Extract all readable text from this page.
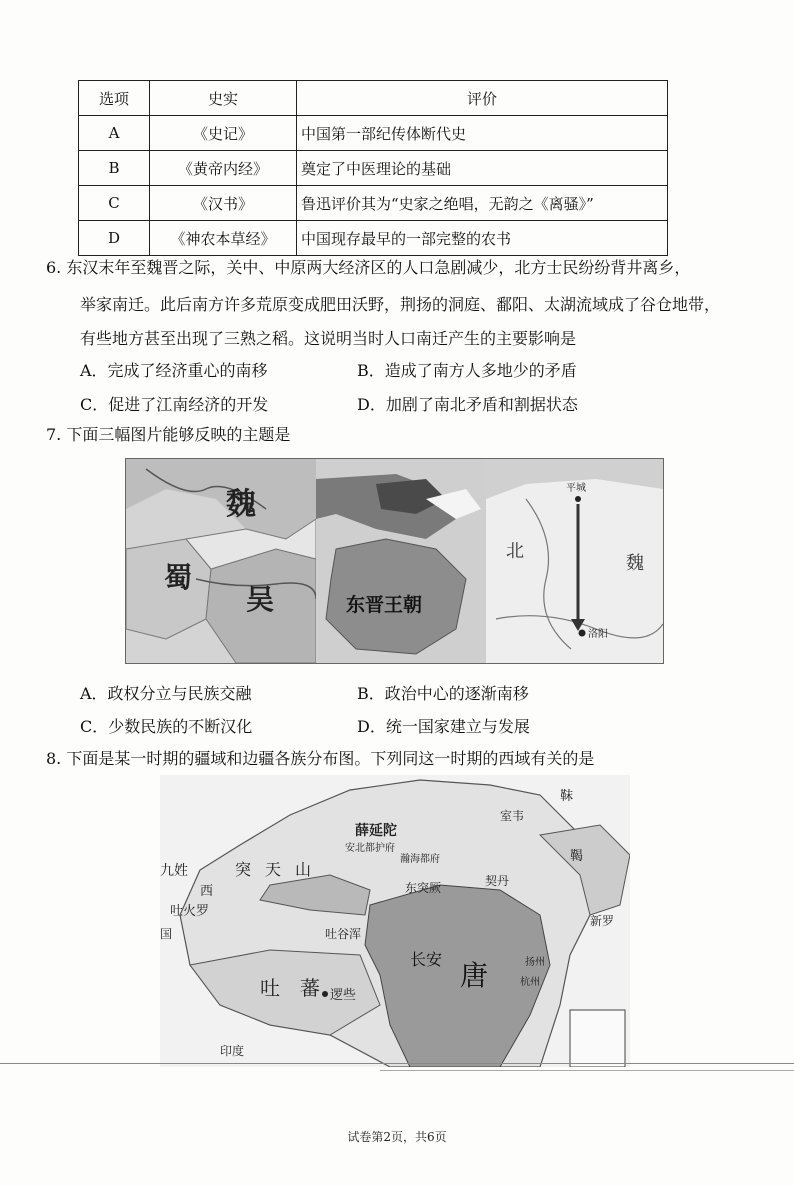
选项	史实	评价
A	《史记》	中国第一部纪传体断代史
B	《黄帝内经》	奠定了中医理论的基础
C	《汉书》	鲁迅评价其为“史家之绝唱，无韵之《离骚》”
D	《神农本草经》	中国现存最早的一部完整的农书
6. 东汉末年至魏晋之际，关中、中原两大经济区的人口急剧减少，北方士民纷纷背井离乡，
举家南迁。此后南方许多荒原变成肥田沃野，荆扬的洞庭、鄱阳、太湖流域成了谷仓地带，
有些地方甚至出现了三熟之稻。这说明当时人口南迁产生的主要影响是
A．完成了经济重心的南移	B．造成了南方人多地少的矛盾
C．促进了江南经济的开发	D．加剧了南北矛盾和割据状态
7. 下面三幅图片能够反映的主题是
魏
蜀
吴	东晋王朝
平城
洛阳
北
魏
A．政权分立与民族交融	B．政治中心的逐渐南移
C．少数民族的不断汉化	D．统一国家建立与发展
8. 下面是某一时期的疆域和边疆各族分布图。下列同这一时期的西域有关的是
薛延陀
安北都护府
瀚海都府
九姓
西
吐火罗
国
突 天 山
东突厥
吐谷浑
吐 蕃 逻些
长安 唐
印度
契丹
室韦
靺
鞨
新罗
扬州
杭州
试卷第2页，共6页
